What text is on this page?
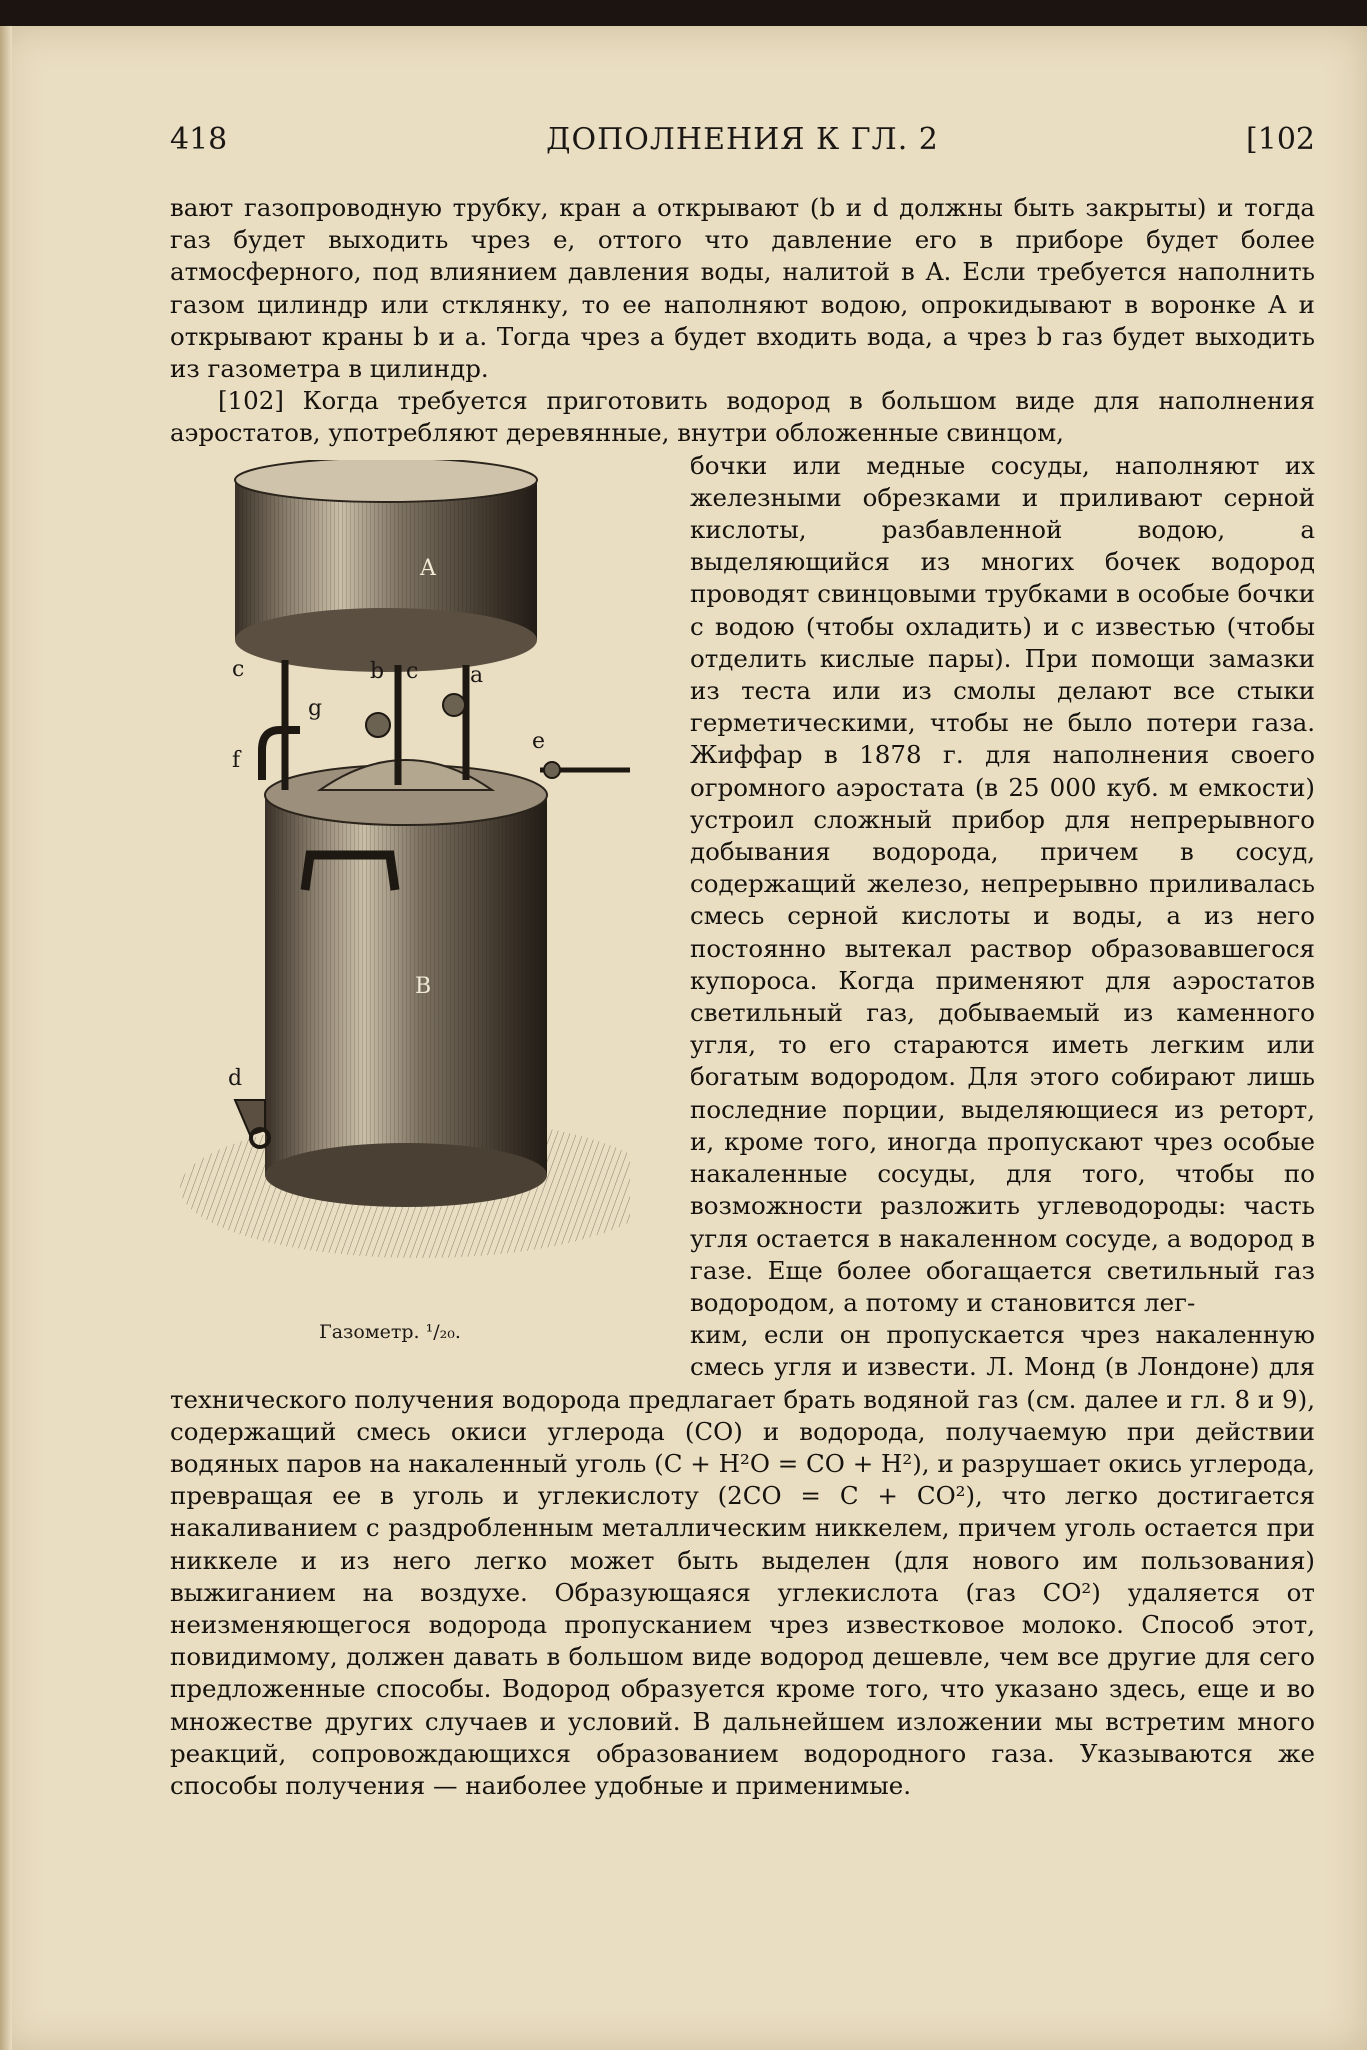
418	ДОПОЛНЕНИЯ К ГЛ. 2	[102

вают газопроводную трубку, кран a открывают (b и d должны быть закрыты) и тогда газ будет выходить чрез e, оттого что давление его в приборе будет более атмосферного, под влиянием давления воды, налитой в A. Если требуется наполнить газом цилиндр или стклянку, то ее наполняют водою, опрокидывают в воронке A и открывают краны b и a. Тогда чрез a будет входить вода, а чрез b газ будет выходить из газометра в цилиндр.

[102] Когда требуется приготовить водород в большом виде для наполнения аэростатов, употребляют деревянные, внутри обложенные свинцом,

A
B
c	b c a
g
e
f
d
Газометр. ¹/₂₀.

бочки или медные сосуды, наполняют их железными обрезками и приливают серной кислоты, разбавленной водою, а выделяющийся из многих бочек водород проводят свинцовыми трубками в особые бочки с водою (чтобы охладить) и с известью (чтобы отделить кислые пары). При помощи замазки из теста или из смолы делают все стыки герметическими, чтобы не было потери газа. Жиффар в 1878 г. для наполнения своего огромного аэростата (в 25 000 куб. м емкости) устроил сложный прибор для непрерывного добывания водорода, причем в сосуд, содержащий железо, непрерывно приливалась смесь серной кислоты и воды, а из него постоянно вытекал раствор образовавшегося купороса. Когда применяют для аэростатов светильный газ, добываемый из каменного угля, то его стараются иметь легким или богатым водородом. Для этого собирают лишь последние порции, выделяющиеся из реторт, и, кроме того, иногда пропускают чрез особые накаленные сосуды, для того, чтобы по возможности разложить углеводороды: часть угля остается в накаленном сосуде, а водород в газе. Еще более обогащается светильный газ водородом, а потому и становится лег-

ким, если он пропускается чрез накаленную смесь угля и извести. Л. Монд (в Лондоне) для технического получения водорода предлагает брать водяной газ (см. далее и гл. 8 и 9), содержащий смесь окиси углерода (CO) и водорода, получаемую при действии водяных паров на накаленный уголь (C + H²O = CO + H²), и разрушает окись углерода, превращая ее в уголь и углекислоту (2CO = C + CO²), что легко достигается накаливанием с раздробленным металлическим никкелем, причем уголь остается при никкеле и из него легко может быть выделен (для нового им пользования) выжиганием на воздухе. Образующаяся углекислота (газ CO²) удаляется от неизменяющегося водорода пропусканием чрез известковое молоко. Способ этот, повидимому, должен давать в большом виде водород дешевле, чем все другие для сего предложенные способы. Водород образуется кроме того, что указано здесь, еще и во множестве других случаев и условий. В дальнейшем изложении мы встретим много реакций, сопровождающихся образованием водородного газа. Указываются же способы получения — наиболее удобные и применимые.
